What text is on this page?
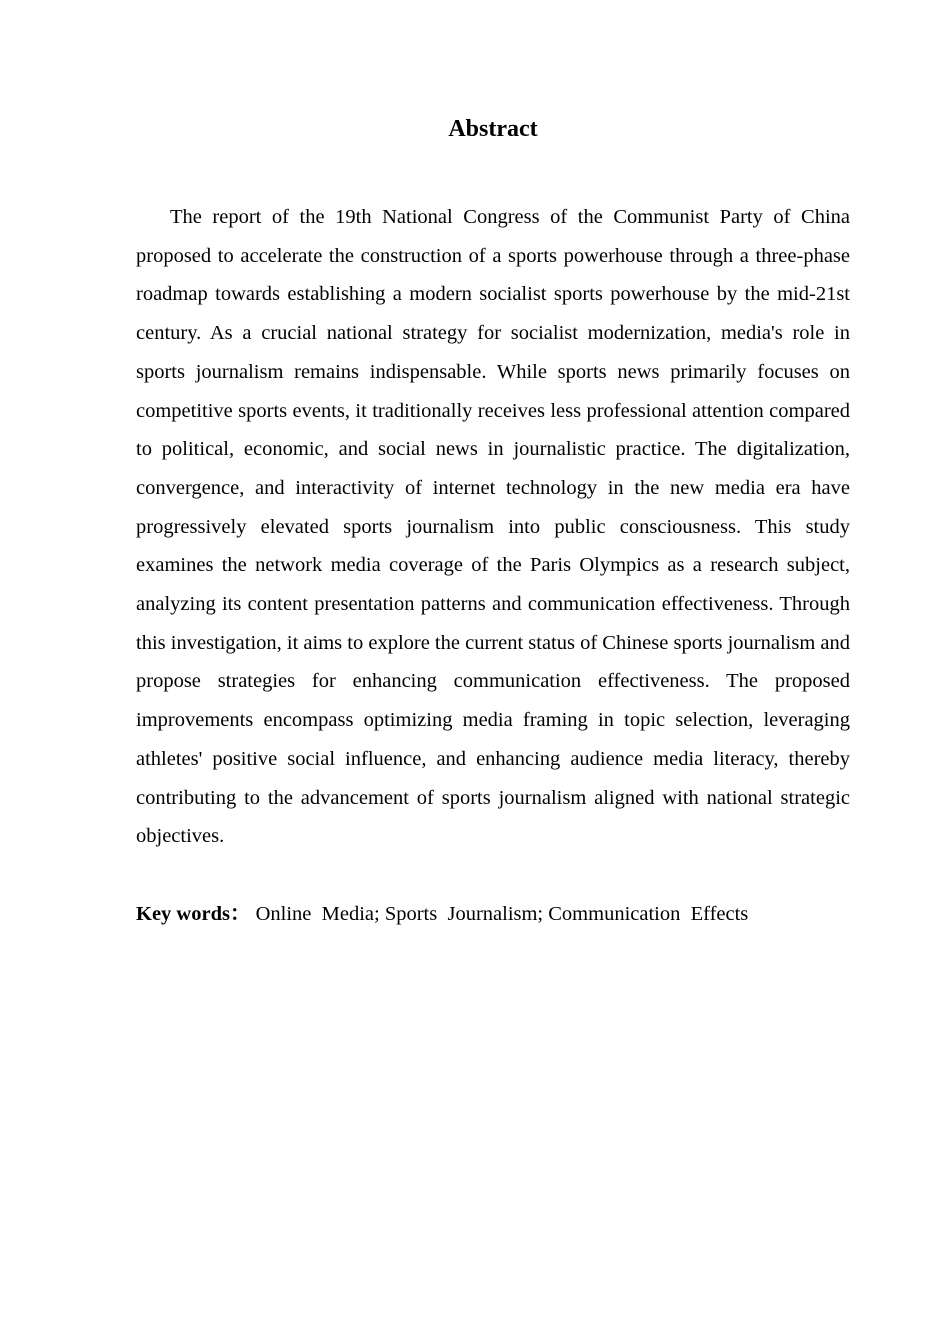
Abstract

The report of the 19th National Congress of the Communist Party of China proposed to accelerate the construction of a sports powerhouse through a three-phase roadmap towards establishing a modern socialist sports powerhouse by the mid-21st century. As a crucial national strategy for socialist modernization, media's role in sports journalism remains indispensable. While sports news primarily focuses on competitive sports events, it traditionally receives less professional attention compared to political, economic, and social news in journalistic practice. The digitalization, convergence, and interactivity of internet technology in the new media era have progressively elevated sports journalism into public consciousness. This study examines the network media coverage of the Paris Olympics as a research subject, analyzing its content presentation patterns and communication effectiveness. Through this investigation, it aims to explore the current status of Chinese sports journalism and propose strategies for enhancing communication effectiveness. The proposed improvements encompass optimizing media framing in topic selection, leveraging athletes' positive social influence, and enhancing audience media literacy, thereby contributing to the advancement of sports journalism aligned with national strategic objectives.

Key words： Online  Media; Sports  Journalism; Communication  Effects
